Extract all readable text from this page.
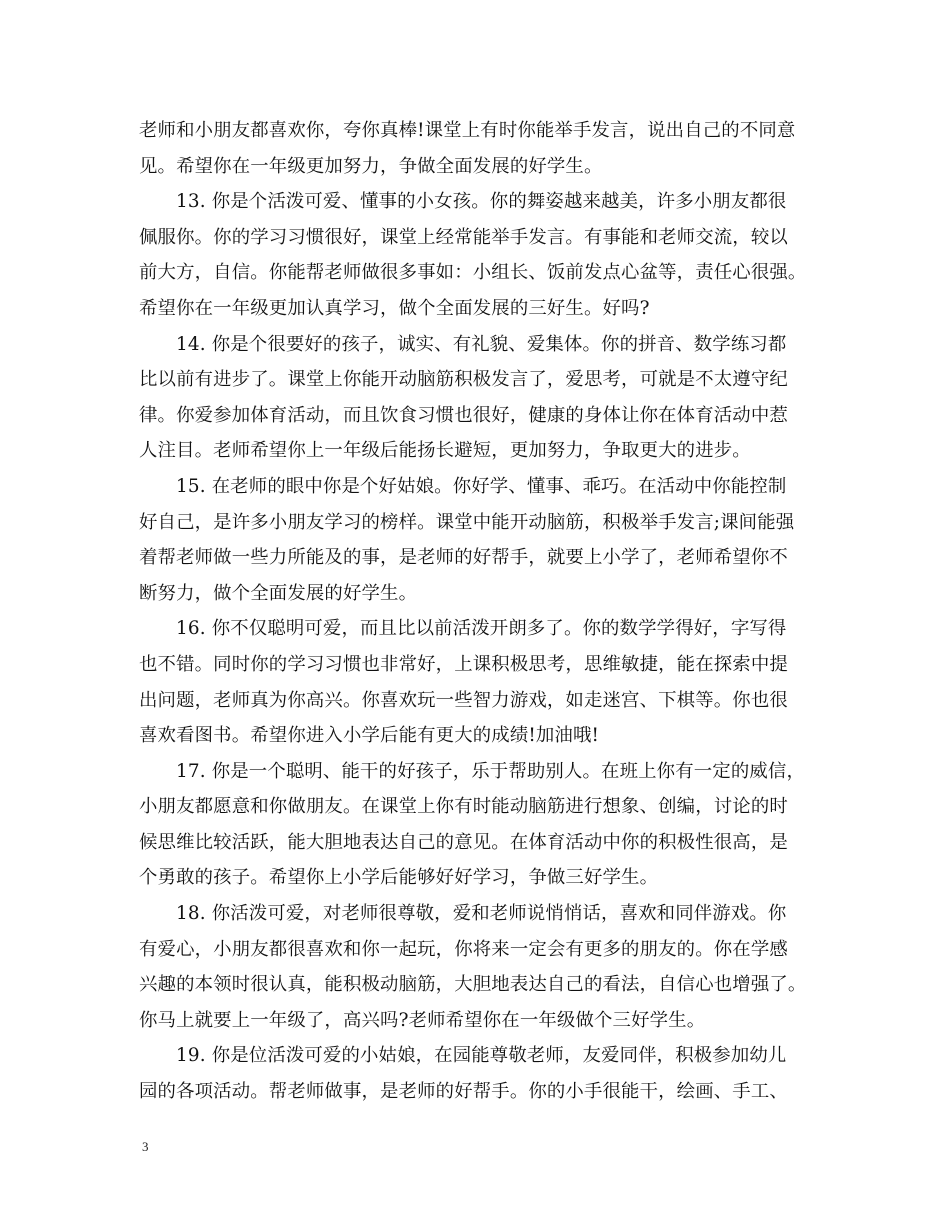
老师和小朋友都喜欢你，夸你真棒!课堂上有时你能举手发言，说出自己的不同意
见。希望你在一年级更加努力，争做全面发展的好学生。
13. 你是个活泼可爱、懂事的小女孩。你的舞姿越来越美，许多小朋友都很
佩服你。你的学习习惯很好，课堂上经常能举手发言。有事能和老师交流，较以
前大方，自信。你能帮老师做很多事如：小组长、饭前发点心盆等，责任心很强。
希望你在一年级更加认真学习，做个全面发展的三好生。好吗?
14. 你是个很要好的孩子，诚实、有礼貌、爱集体。你的拼音、数学练习都
比以前有进步了。课堂上你能开动脑筋积极发言了，爱思考，可就是不太遵守纪
律。你爱参加体育活动，而且饮食习惯也很好，健康的身体让你在体育活动中惹
人注目。老师希望你上一年级后能扬长避短，更加努力，争取更大的进步。
15. 在老师的眼中你是个好姑娘。你好学、懂事、乖巧。在活动中你能控制
好自己，是许多小朋友学习的榜样。课堂中能开动脑筋，积极举手发言;课间能强
着帮老师做一些力所能及的事，是老师的好帮手，就要上小学了，老师希望你不
断努力，做个全面发展的好学生。
16. 你不仅聪明可爱，而且比以前活泼开朗多了。你的数学学得好，字写得
也不错。同时你的学习习惯也非常好，上课积极思考，思维敏捷，能在探索中提
出问题，老师真为你高兴。你喜欢玩一些智力游戏，如走迷宫、下棋等。你也很
喜欢看图书。希望你进入小学后能有更大的成绩!加油哦!
17. 你是一个聪明、能干的好孩子，乐于帮助别人。在班上你有一定的威信，
小朋友都愿意和你做朋友。在课堂上你有时能动脑筋进行想象、创编，讨论的时
候思维比较活跃，能大胆地表达自己的意见。在体育活动中你的积极性很高，是
个勇敢的孩子。希望你上小学后能够好好学习，争做三好学生。
18. 你活泼可爱，对老师很尊敬，爱和老师说悄悄话，喜欢和同伴游戏。你
有爱心，小朋友都很喜欢和你一起玩，你将来一定会有更多的朋友的。你在学感
兴趣的本领时很认真，能积极动脑筋，大胆地表达自己的看法，自信心也增强了。
你马上就要上一年级了，高兴吗?老师希望你在一年级做个三好学生。
19. 你是位活泼可爱的小姑娘，在园能尊敬老师，友爱同伴，积极参加幼儿
园的各项活动。帮老师做事，是老师的好帮手。你的小手很能干，绘画、手工、
3
